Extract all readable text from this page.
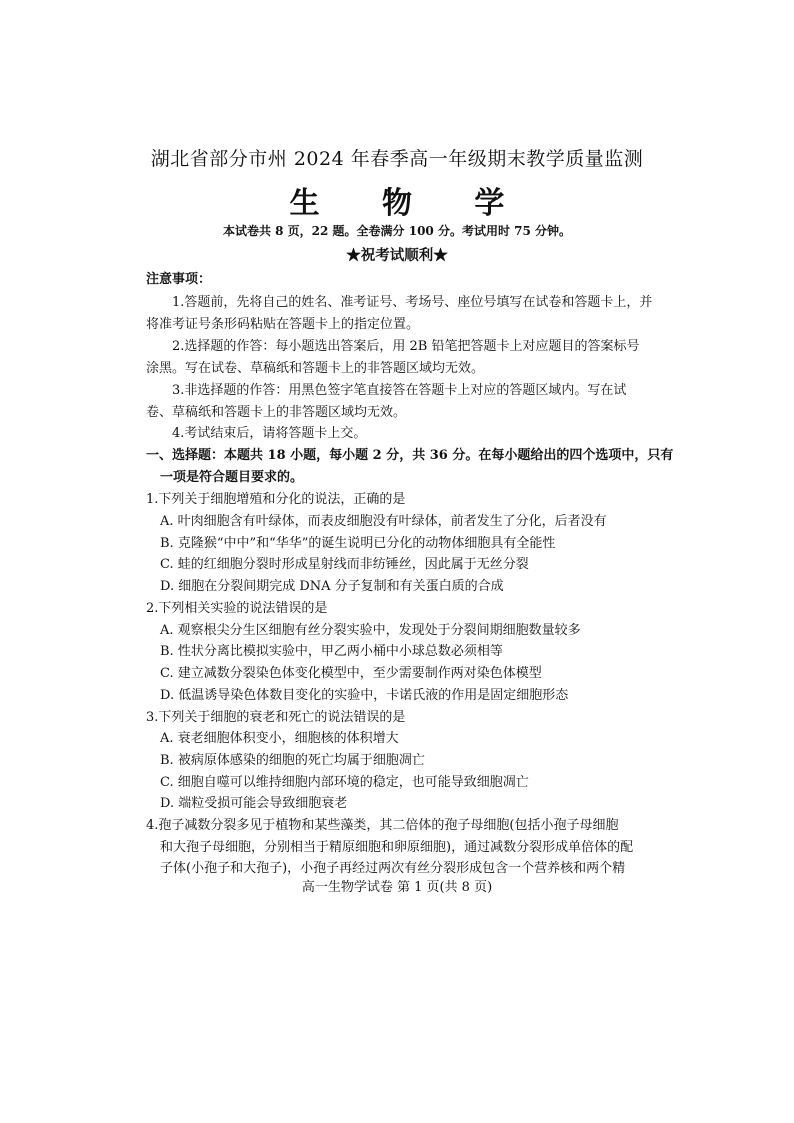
湖北省部分市州 2024 年春季高一年级期末教学质量监测
生 物 学
本试卷共 8 页，22 题。全卷满分 100 分。考试用时 75 分钟。
★祝考试顺利★
注意事项：
1.答题前，先将自己的姓名、准考证号、考场号、座位号填写在试卷和答题卡上，并
将准考证号条形码粘贴在答题卡上的指定位置。
2.选择题的作答：每小题选出答案后，用 2B 铅笔把答题卡上对应题目的答案标号
涂黑。写在试卷、草稿纸和答题卡上的非答题区域均无效。
3.非选择题的作答：用黑色签字笔直接答在答题卡上对应的答题区域内。写在试
卷、草稿纸和答题卡上的非答题区域均无效。
4.考试结束后，请将答题卡上交。
一、选择题：本题共 18 小题，每小题 2 分，共 36 分。在每小题给出的四个选项中，只有
一项是符合题目要求的。
1.下列关于细胞增殖和分化的说法，正确的是
A. 叶肉细胞含有叶绿体，而表皮细胞没有叶绿体，前者发生了分化，后者没有
B. 克隆猴“中中”和“华华”的诞生说明已分化的动物体细胞具有全能性
C. 蛙的红细胞分裂时形成星射线而非纺锤丝，因此属于无丝分裂
D. 细胞在分裂间期完成 DNA 分子复制和有关蛋白质的合成
2.下列相关实验的说法错误的是
A. 观察根尖分生区细胞有丝分裂实验中，发现处于分裂间期细胞数量较多
B. 性状分离比模拟实验中，甲乙两小桶中小球总数必须相等
C. 建立减数分裂染色体变化模型中，至少需要制作两对染色体模型
D. 低温诱导染色体数目变化的实验中，卡诺氏液的作用是固定细胞形态
3.下列关于细胞的衰老和死亡的说法错误的是
A. 衰老细胞体积变小，细胞核的体积增大
B. 被病原体感染的细胞的死亡均属于细胞凋亡
C. 细胞自噬可以维持细胞内部环境的稳定，也可能导致细胞凋亡
D. 端粒受损可能会导致细胞衰老
4.孢子减数分裂多见于植物和某些藻类，其二倍体的孢子母细胞(包括小孢子母细胞
和大孢子母细胞，分别相当于精原细胞和卵原细胞)，通过减数分裂形成单倍体的配
子体(小孢子和大孢子)，小孢子再经过两次有丝分裂形成包含一个营养核和两个精
高一生物学试卷 第 1 页(共 8 页)
